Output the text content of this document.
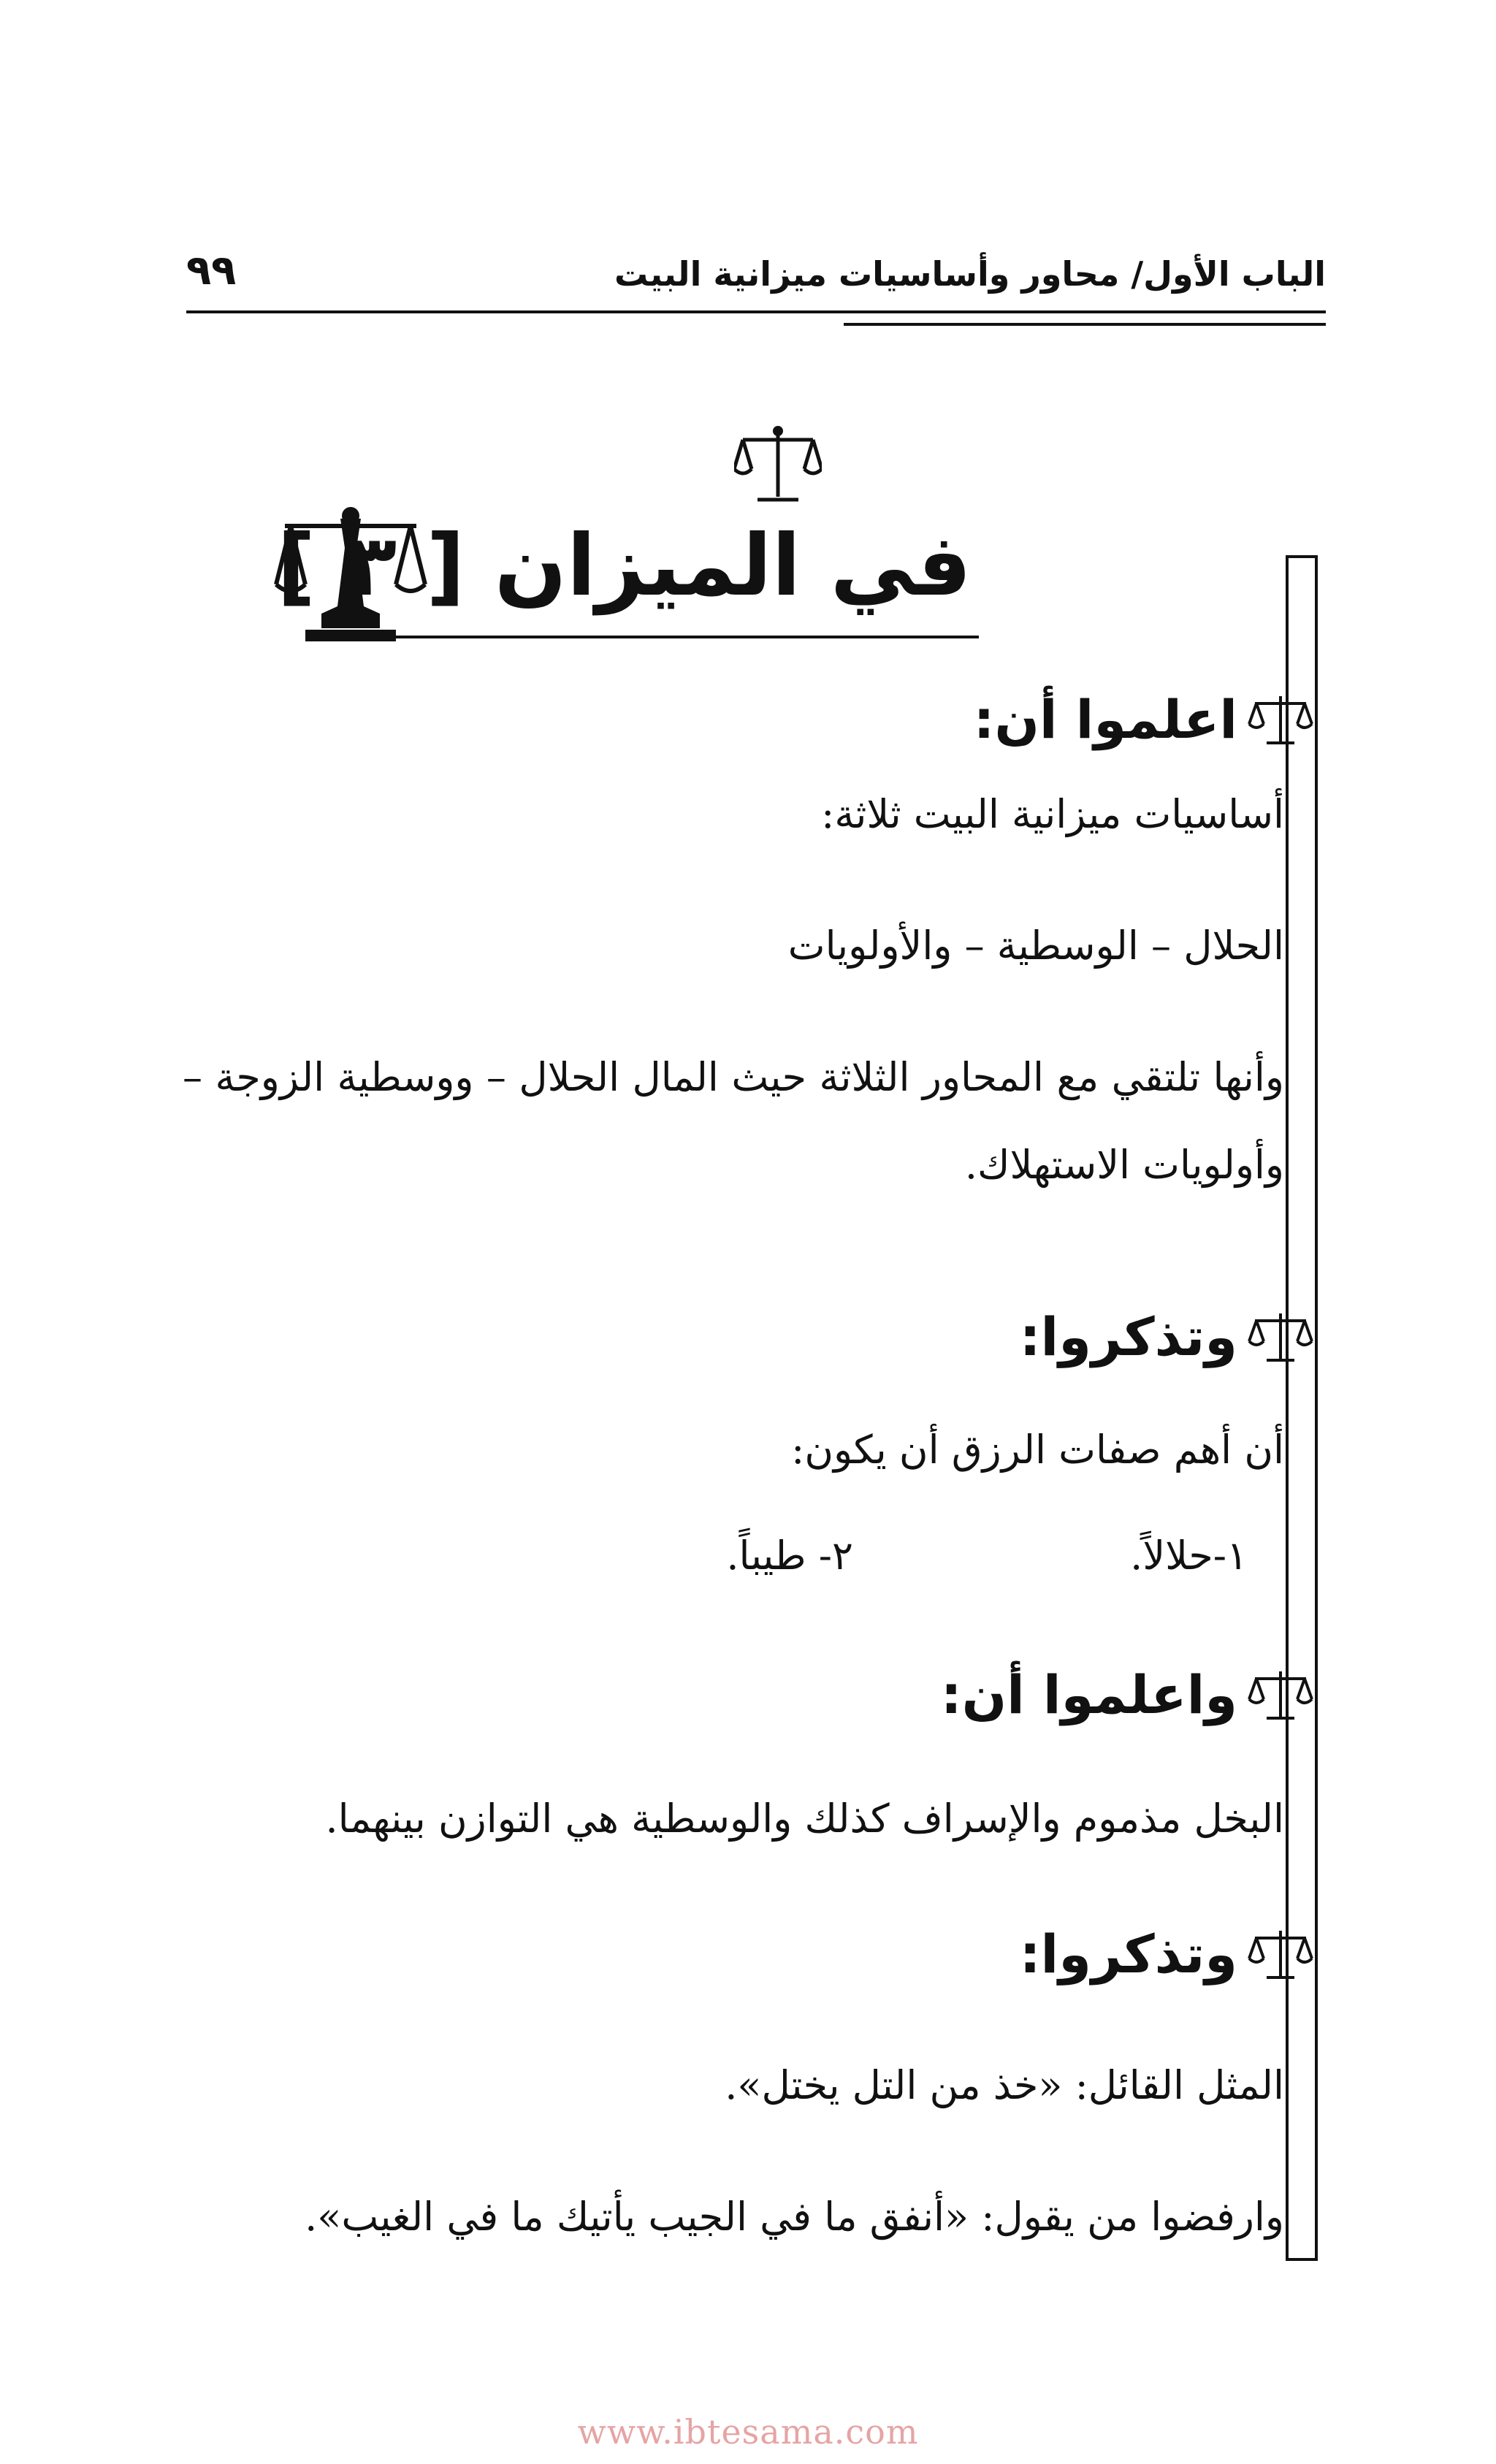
الباب الأول/ محاور وأساسيات ميزانية البيت
٩٩
في الميزان [ ٣ ]
اعلموا أن:
أساسيات ميزانية البيت ثلاثة:
الحلال – الوسطية – والأولويات
وأنها تلتقي مع المحاور الثلاثة حيث المال الحلال – ووسطية الزوجة – وأولويات الاستهلاك.
وتذكروا:
أن أهم صفات الرزق أن يكون:
١-حلالاً.
٢- طيباً.
واعلموا أن:
البخل مذموم والإسراف كذلك والوسطية هي التوازن بينهما.
وتذكروا:
المثل القائل: «خذ من التل يختل».
وارفضوا من يقول: «أنفق ما في الجيب يأتيك ما في الغيب».
www.ibtesama.com
